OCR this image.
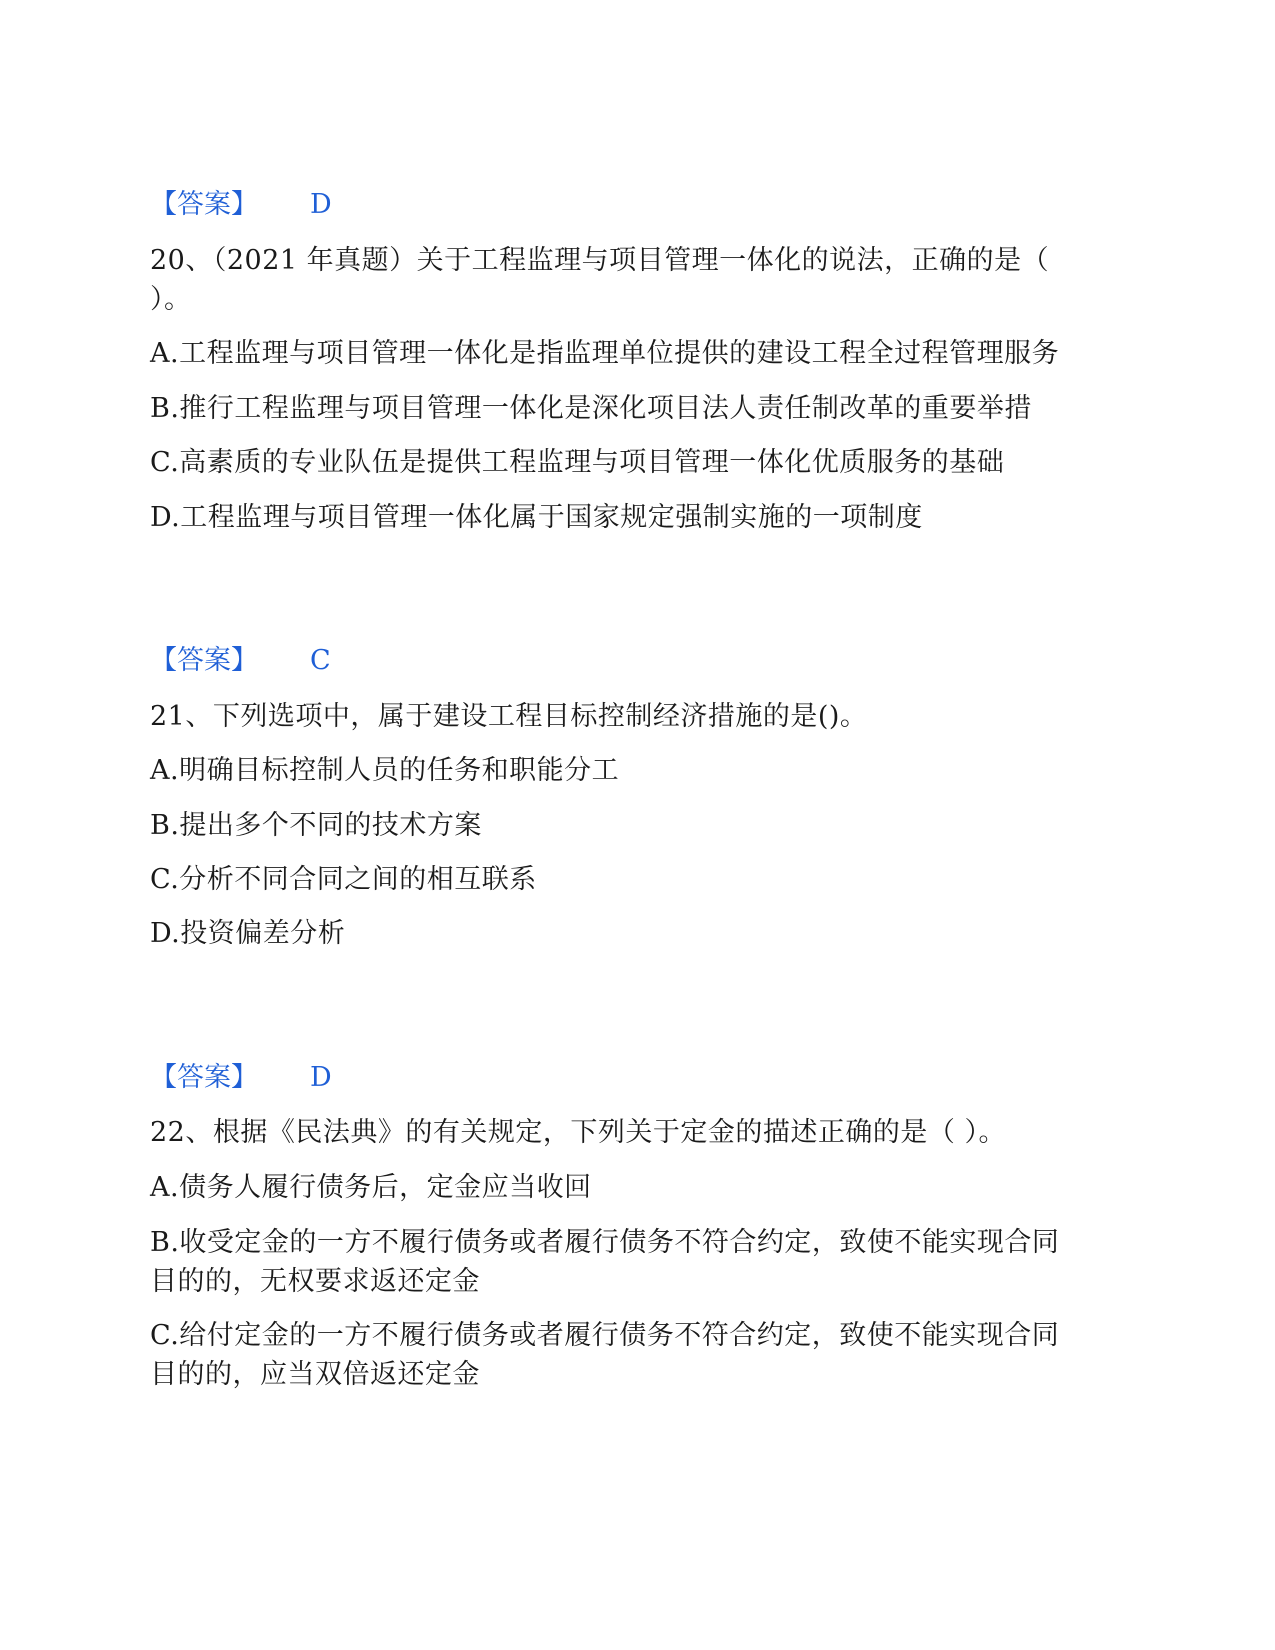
【答案】 D
20、（2021 年真题）关于工程监理与项目管理一体化的说法，正确的是（
）。
A.工程监理与项目管理一体化是指监理单位提供的建设工程全过程管理服务
B.推行工程监理与项目管理一体化是深化项目法人责任制改革的重要举措
C.高素质的专业队伍是提供工程监理与项目管理一体化优质服务的基础
D.工程监理与项目管理一体化属于国家规定强制实施的一项制度
【答案】 C
21、下列选项中，属于建设工程目标控制经济措施的是()。
A.明确目标控制人员的任务和职能分工
B.提出多个不同的技术方案
C.分析不同合同之间的相互联系
D.投资偏差分析
【答案】 D
22、根据《民法典》的有关规定，下列关于定金的描述正确的是（ ）。
A.债务人履行债务后，定金应当收回
B.收受定金的一方不履行债务或者履行债务不符合约定，致使不能实现合同
目的的，无权要求返还定金
C.给付定金的一方不履行债务或者履行债务不符合约定，致使不能实现合同
目的的，应当双倍返还定金
